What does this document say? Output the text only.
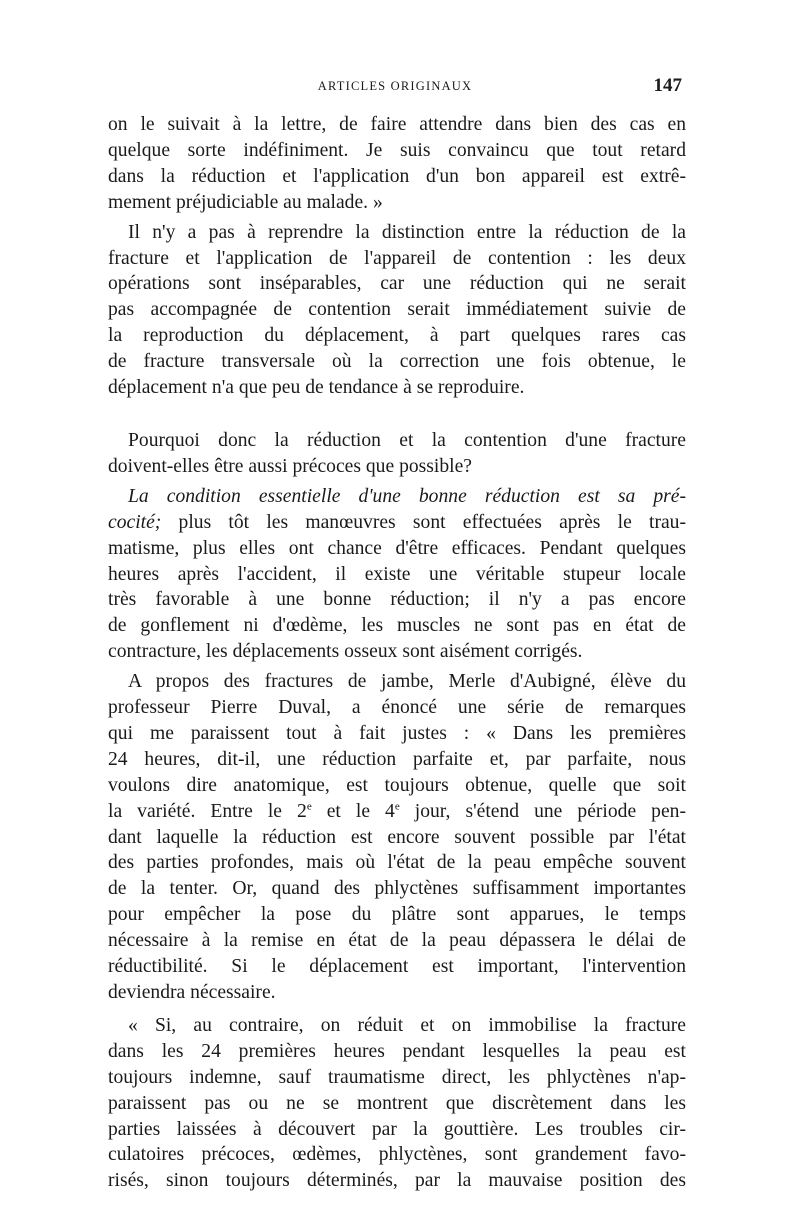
ARTICLES ORIGINAUX	147

on le suivait à la lettre, de faire attendre dans bien des cas en
quelque sorte indéfiniment. Je suis convaincu que tout retard
dans la réduction et l'application d'un bon appareil est extrê-
mement préjudiciable au malade. »

Il n'y a pas à reprendre la distinction entre la réduction de la
fracture et l'application de l'appareil de contention : les deux
opérations sont inséparables, car une réduction qui ne serait
pas accompagnée de contention serait immédiatement suivie de
la reproduction du déplacement, à part quelques rares cas
de fracture transversale où la correction une fois obtenue, le
déplacement n'a que peu de tendance à se reproduire.

Pourquoi donc la réduction et la contention d'une fracture
doivent-elles être aussi précoces que possible?

La condition essentielle d'une bonne réduction est sa pré-
cocité; plus tôt les manœuvres sont effectuées après le trau-
matisme, plus elles ont chance d'être efficaces. Pendant quelques
heures après l'accident, il existe une véritable stupeur locale
très favorable à une bonne réduction; il n'y a pas encore
de gonflement ni d'œdème, les muscles ne sont pas en état de
contracture, les déplacements osseux sont aisément corrigés.

A propos des fractures de jambe, Merle d'Aubigné, élève du
professeur Pierre Duval, a énoncé une série de remarques
qui me paraissent tout à fait justes : « Dans les premières
24 heures, dit-il, une réduction parfaite et, par parfaite, nous
voulons dire anatomique, est toujours obtenue, quelle que soit
la variété. Entre le 2e et le 4e jour, s'étend une période pen-
dant laquelle la réduction est encore souvent possible par l'état
des parties profondes, mais où l'état de la peau empêche souvent
de la tenter. Or, quand des phlyctènes suffisamment importantes
pour empêcher la pose du plâtre sont apparues, le temps
nécessaire à la remise en état de la peau dépassera le délai de
réductibilité. Si le déplacement est important, l'intervention
deviendra nécessaire.

« Si, au contraire, on réduit et on immobilise la fracture
dans les 24 premières heures pendant lesquelles la peau est
toujours indemne, sauf traumatisme direct, les phlyctènes n'ap-
paraissent pas ou ne se montrent que discrètement dans les
parties laissées à découvert par la gouttière. Les troubles cir-
culatoires précoces, œdèmes, phlyctènes, sont grandement favo-
risés, sinon toujours déterminés, par la mauvaise position des
